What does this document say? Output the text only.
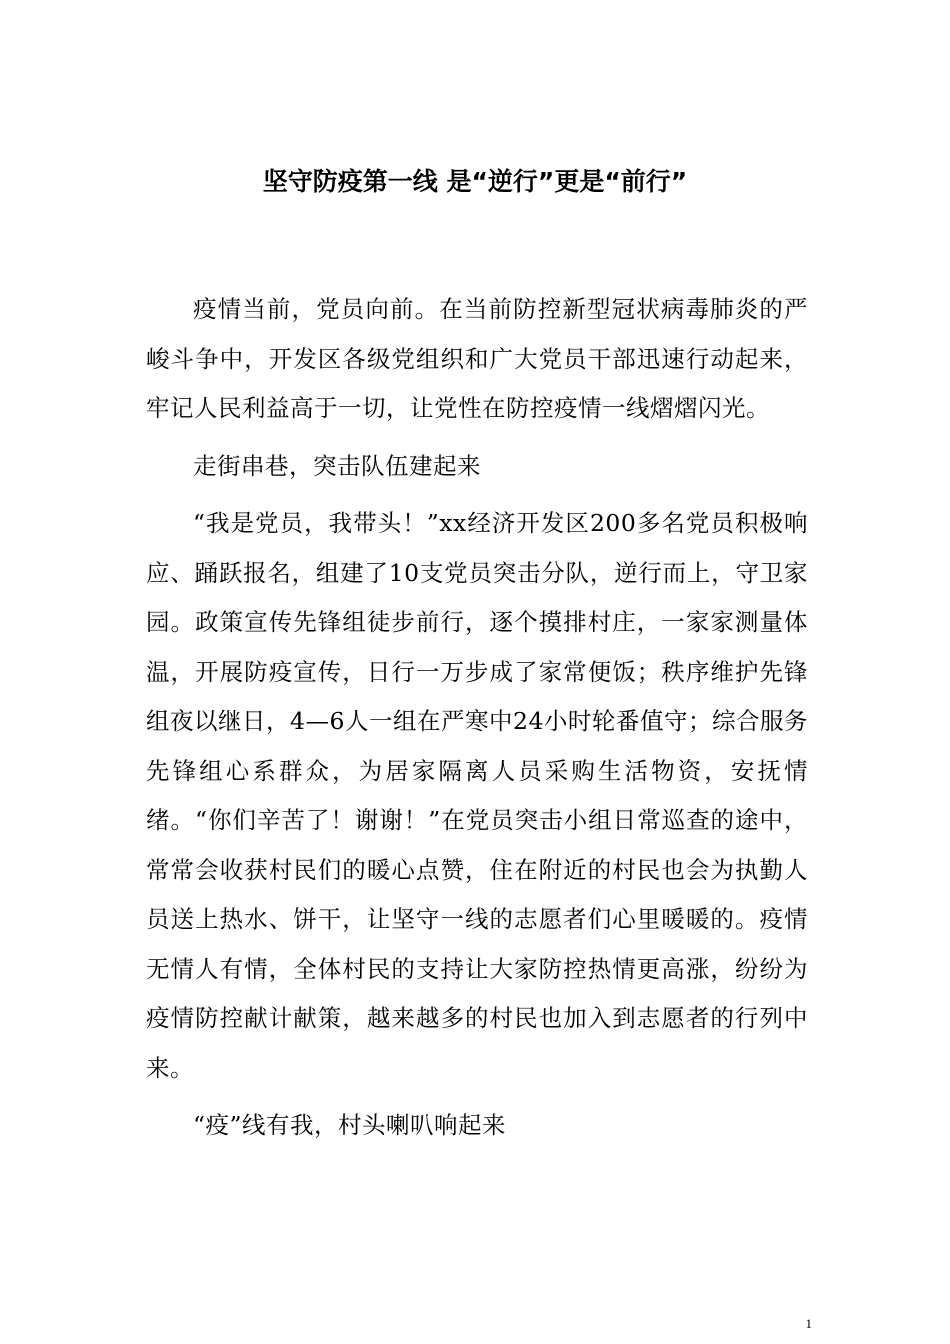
坚守防疫第一线 是“逆行”更是“前行”

疫情当前，党员向前。在当前防控新型冠状病毒肺炎的严峻斗争中，开发区各级党组织和广大党员干部迅速行动起来，牢记人民利益高于一切，让党性在防控疫情一线熠熠闪光。

走街串巷，突击队伍建起来

“我是党员，我带头！”xx经济开发区200多名党员积极响应、踊跃报名，组建了10支党员突击分队，逆行而上，守卫家园。政策宣传先锋组徒步前行，逐个摸排村庄，一家家测量体温，开展防疫宣传，日行一万步成了家常便饭；秩序维护先锋组夜以继日，4—6人一组在严寒中24小时轮番值守；综合服务先锋组心系群众，为居家隔离人员采购生活物资，安抚情绪。“你们辛苦了！谢谢！”在党员突击小组日常巡查的途中，常常会收获村民们的暖心点赞，住在附近的村民也会为执勤人员送上热水、饼干，让坚守一线的志愿者们心里暖暖的。疫情无情人有情，全体村民的支持让大家防控热情更高涨，纷纷为疫情防控献计献策，越来越多的村民也加入到志愿者的行列中来。

“疫”线有我，村头喇叭响起来

1
